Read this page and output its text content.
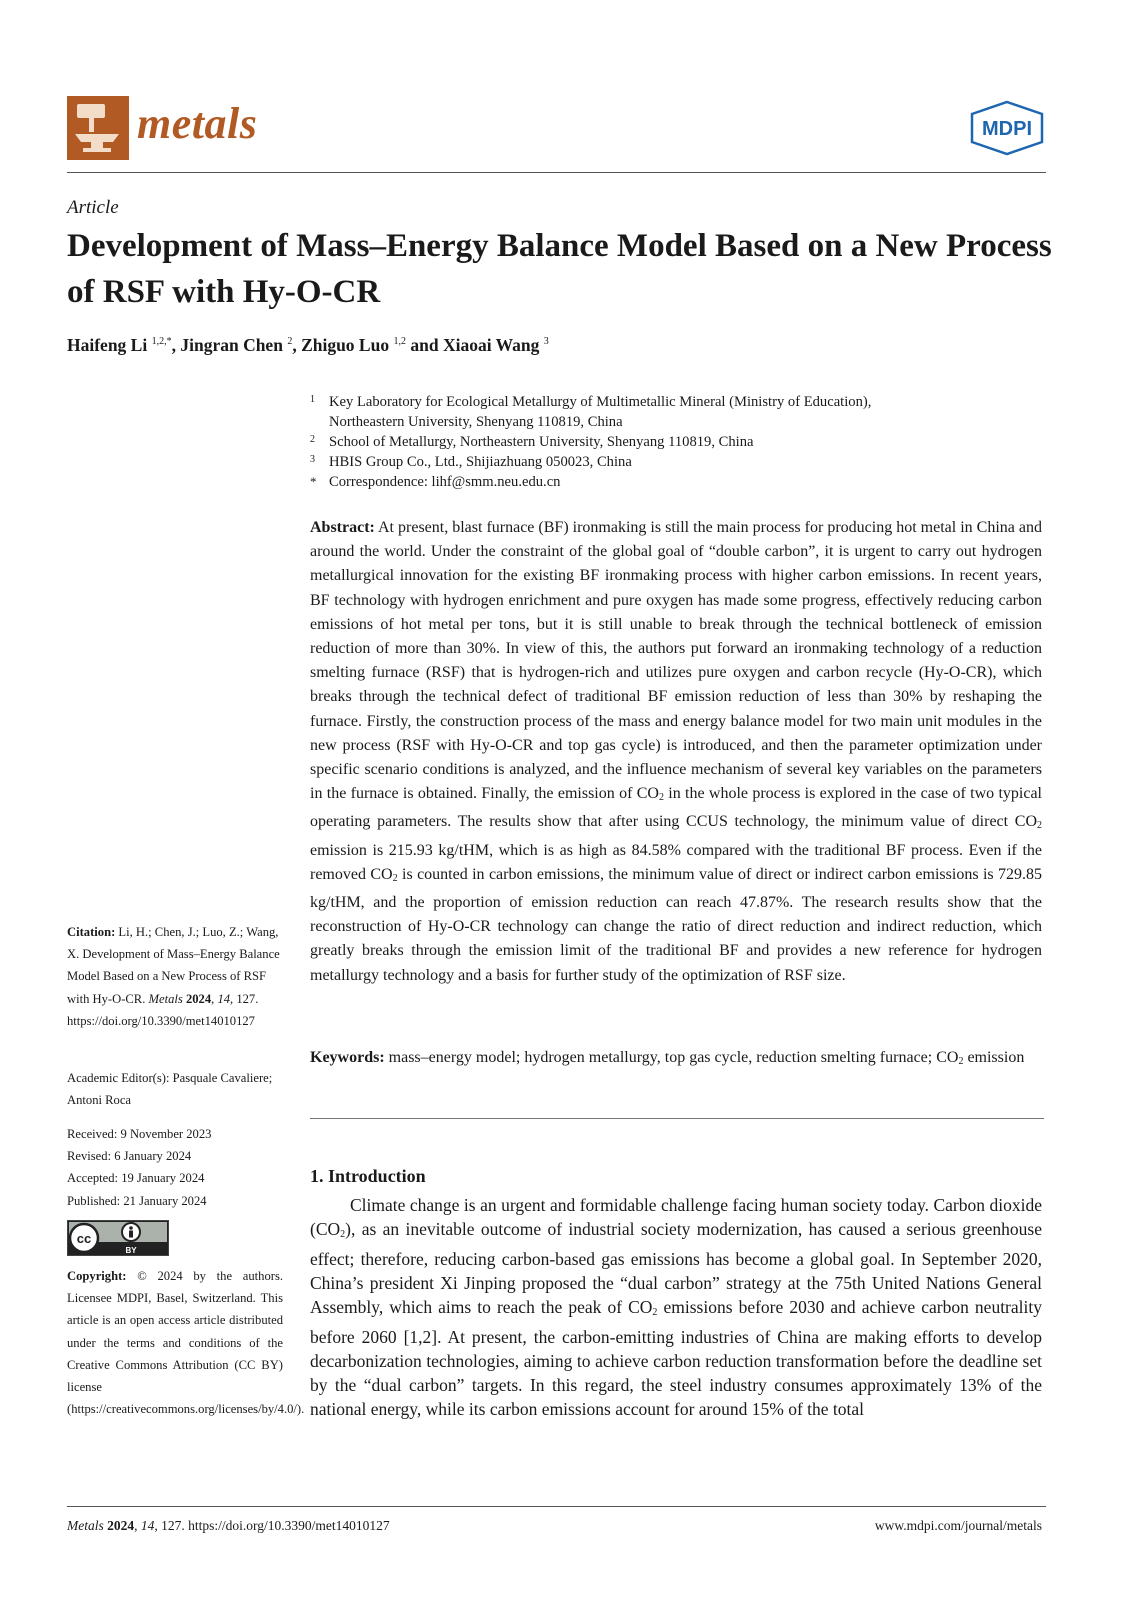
metals	MDPI
Article
Development of Mass–Energy Balance Model Based on a New Process of RSF with Hy-O-CR
Haifeng Li $^{1,2,*}$, Jingran Chen $^2$, Zhiguo Luo $^{1,2}$ and Xiaoai Wang $^3$
1 Key Laboratory for Ecological Metallurgy of Multimetallic Mineral (Ministry of Education),
Northeastern University, Shenyang 110819, China
2 School of Metallurgy, Northeastern University, Shenyang 110819, China
3 HBIS Group Co., Ltd., Shijiazhuang 050023, China
* Correspondence: lihf@smm.neu.edu.cn
Abstract: At present, blast furnace (BF) ironmaking is still the main process for producing hot metal in China and around the world. Under the constraint of the global goal of “double carbon”, it is urgent to carry out hydrogen metallurgical innovation for the existing BF ironmaking process with higher carbon emissions. In recent years, BF technology with hydrogen enrichment and pure oxygen has made some progress, effectively reducing carbon emissions of hot metal per tons, but it is still unable to break through the technical bottleneck of emission reduction of more than 30%. In view of this, the authors put forward an ironmaking technology of a reduction smelting furnace (RSF) that is hydrogen-rich and utilizes pure oxygen and carbon recycle (Hy-O-CR), which breaks through the technical defect of traditional BF emission reduction of less than 30% by reshaping the furnace. Firstly, the construction process of the mass and energy balance model for two main unit modules in the new process (RSF with Hy-O-CR and top gas cycle) is introduced, and then the parameter optimization under specific scenario conditions is analyzed, and the influence mechanism of several key variables on the parameters in the furnace is obtained. Finally, the emission of $CO_2$ in the whole process is explored in the case of two typical operating parameters. The results show that after using CCUS technology, the minimum value of direct $CO_2$ emission is 215.93 kg/tHM, which is as high as 84.58% compared with the traditional BF process. Even if the removed $CO_2$ is counted in carbon emissions, the minimum value of direct or indirect carbon emissions is 729.85 kg/tHM, and the proportion of emission reduction can reach 47.87%. The research results show that the reconstruction of Hy-O-CR technology can change the ratio of direct reduction and indirect reduction, which greatly breaks through the emission limit of the traditional BF and provides a new reference for hydrogen metallurgy technology and a basis for further study of the optimization of RSF size.
Keywords: mass–energy model; hydrogen metallurgy, top gas cycle, reduction smelting furnace; $CO_2$ emission
1. Introduction
Climate change is an urgent and formidable challenge facing human society today. Carbon dioxide $(CO_2)$, as an inevitable outcome of industrial society modernization, has caused a serious greenhouse effect; therefore, reducing carbon-based gas emissions has become a global goal. In September 2020, China’s president Xi Jinping proposed the “dual carbon” strategy at the 75th United Nations General Assembly, which aims to reach the peak of $CO_2$ emissions before 2030 and achieve carbon neutrality before 2060 [1,2]. At present, the carbon-emitting industries of China are making efforts to develop decarbonization technologies, aiming to achieve carbon reduction transformation before the deadline set by the “dual carbon” targets. In this regard, the steel industry consumes approximately 13% of the national energy, while its carbon emissions account for around 15% of the total
Citation: Li, H.; Chen, J.; Luo, Z.; Wang, X. Development of Mass–Energy Balance Model Based on a New Process of RSF with Hy-O-CR. Metals 2024, 14, 127. https://doi.org/10.3390/met14010127
Academic Editor(s): Pasquale Cavaliere; Antoni Roca
Received: 9 November 2023
Revised: 6 January 2024
Accepted: 19 January 2024
Published: 21 January 2024
cc
BY
Copyright: © 2024 by the authors. Licensee MDPI, Basel, Switzerland. This article is an open access article distributed under the terms and conditions of the Creative Commons Attribution (CC BY) license (https://creativecommons.org/licenses/by/4.0/).
Metals 2024, 14, 127. https://doi.org/10.3390/met14010127	www.mdpi.com/journal/metals
